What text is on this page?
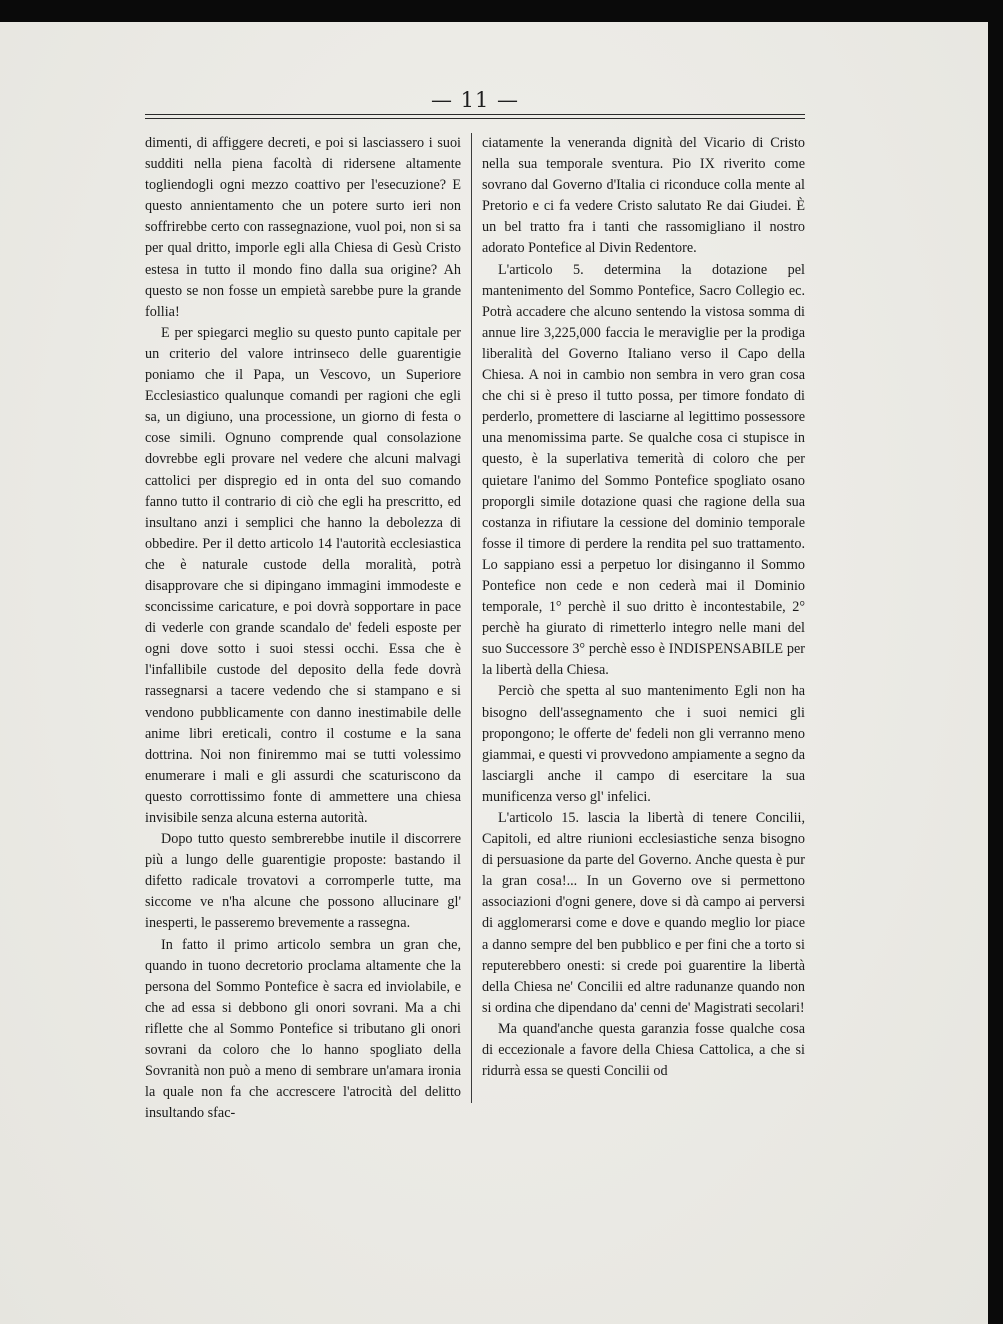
— 11 —

dimenti, di affiggere decreti, e poi si lasciassero i suoi sudditi nella piena facoltà di ridersene altamente togliendogli ogni mezzo coattivo per l'esecuzione? E questo annientamento che un potere surto ieri non soffrirebbe certo con rassegnazione, vuol poi, non si sa per qual dritto, imporle egli alla Chiesa di Gesù Cristo estesa in tutto il mondo fino dalla sua origine? Ah questo se non fosse un empietà sarebbe pure la grande follia!

E per spiegarci meglio su questo punto capitale per un criterio del valore intrinseco delle guarentigie poniamo che il Papa, un Vescovo, un Superiore Ecclesiastico qualunque comandi per ragioni che egli sa, un digiuno, una processione, un giorno di festa o cose simili. Ognuno comprende qual consolazione dovrebbe egli provare nel vedere che alcuni malvagi cattolici per dispregio ed in onta del suo comando fanno tutto il contrario di ciò che egli ha prescritto, ed insultano anzi i semplici che hanno la debolezza di obbedire. Per il detto articolo 14 l'autorità ecclesiastica che è naturale custode della moralità, potrà disapprovare che si dipingano immagini immodeste e sconcissime caricature, e poi dovrà sopportare in pace di vederle con grande scandalo de' fedeli esposte per ogni dove sotto i suoi stessi occhi. Essa che è l'infallibile custode del deposito della fede dovrà rassegnarsi a tacere vedendo che si stampano e si vendono pubblicamente con danno inestimabile delle anime libri ereticali, contro il costume e la sana dottrina. Noi non finiremmo mai se tutti volessimo enumerare i mali e gli assurdi che scaturiscono da questo corrottissimo fonte di ammettere una chiesa invisibile senza alcuna esterna autorità.

Dopo tutto questo sembrerebbe inutile il discorrere più a lungo delle guarentigie proposte: bastando il difetto radicale trovatovi a corromperle tutte, ma siccome ve n'ha alcune che possono allucinare gl' inesperti, le passeremo brevemente a rassegna.

In fatto il primo articolo sembra un gran che, quando in tuono decretorio proclama altamente che la persona del Sommo Pontefice è sacra ed inviolabile, e che ad essa si debbono gli onori sovrani. Ma a chi riflette che al Sommo Pontefice si tributano gli onori sovrani da coloro che lo hanno spogliato della Sovranità non può a meno di sembrare un'amara ironia la quale non fa che accrescere l'atrocità del delitto insultando sfac-

ciatamente la veneranda dignità del Vicario di Cristo nella sua temporale sventura. Pio IX riverito come sovrano dal Governo d'Italia ci riconduce colla mente al Pretorio e ci fa vedere Cristo salutato Re dai Giudei. È un bel tratto fra i tanti che rassomigliano il nostro adorato Pontefice al Divin Redentore.

L'articolo 5. determina la dotazione pel mantenimento del Sommo Pontefice, Sacro Collegio ec. Potrà accadere che alcuno sentendo la vistosa somma di annue lire 3,225,000 faccia le meraviglie per la prodiga liberalità del Governo Italiano verso il Capo della Chiesa. A noi in cambio non sembra in vero gran cosa che chi si è preso il tutto possa, per timore fondato di perderlo, promettere di lasciarne al legittimo possessore una menomissima parte. Se qualche cosa ci stupisce in questo, è la superlativa temerità di coloro che per quietare l'animo del Sommo Pontefice spogliato osano proporgli simile dotazione quasi che ragione della sua costanza in rifiutare la cessione del dominio temporale fosse il timore di perdere la rendita pel suo trattamento. Lo sappiano essi a perpetuo lor disinganno il Sommo Pontefice non cede e non cederà mai il Dominio temporale, 1° perchè il suo dritto è incontestabile, 2° perchè ha giurato di rimetterlo integro nelle mani del suo Successore 3° perchè esso è INDISPENSABILE per la libertà della Chiesa.

Perciò che spetta al suo mantenimento Egli non ha bisogno dell'assegnamento che i suoi nemici gli propongono; le offerte de' fedeli non gli verranno meno giammai, e questi vi provvedono ampiamente a segno da lasciargli anche il campo di esercitare la sua munificenza verso gl' infelici.

L'articolo 15. lascia la libertà di tenere Concilii, Capitoli, ed altre riunioni ecclesiastiche senza bisogno di persuasione da parte del Governo. Anche questa è pur la gran cosa!... In un Governo ove si permettono associazioni d'ogni genere, dove si dà campo ai perversi di agglomerarsi come e dove e quando meglio lor piace a danno sempre del ben pubblico e per fini che a torto si reputerebbero onesti: si crede poi guarentire la libertà della Chiesa ne' Concilii ed altre radunanze quando non si ordina che dipendano da' cenni de' Magistrati secolari!

Ma quand'anche questa garanzia fosse qualche cosa di eccezionale a favore della Chiesa Cattolica, a che si ridurrà essa se questi Concilii od
